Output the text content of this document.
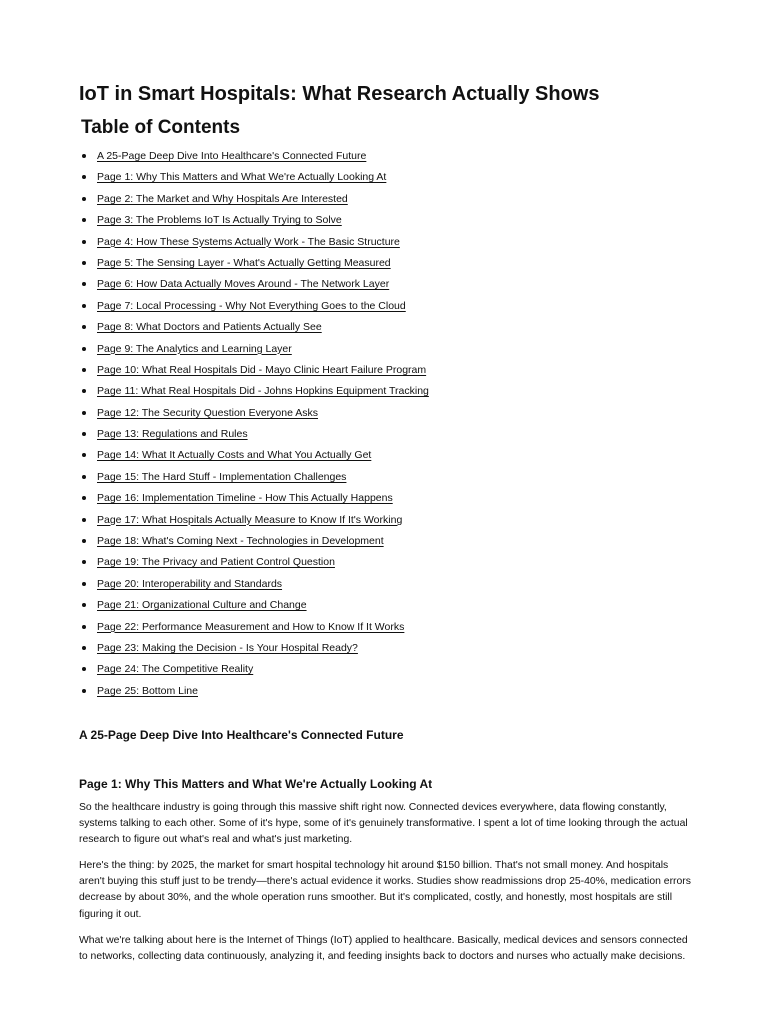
IoT in Smart Hospitals: What Research Actually Shows
Table of Contents
A 25-Page Deep Dive Into Healthcare's Connected Future
Page 1: Why This Matters and What We're Actually Looking At
Page 2: The Market and Why Hospitals Are Interested
Page 3: The Problems IoT Is Actually Trying to Solve
Page 4: How These Systems Actually Work - The Basic Structure
Page 5: The Sensing Layer - What's Actually Getting Measured
Page 6: How Data Actually Moves Around - The Network Layer
Page 7: Local Processing - Why Not Everything Goes to the Cloud
Page 8: What Doctors and Patients Actually See
Page 9: The Analytics and Learning Layer
Page 10: What Real Hospitals Did - Mayo Clinic Heart Failure Program
Page 11: What Real Hospitals Did - Johns Hopkins Equipment Tracking
Page 12: The Security Question Everyone Asks
Page 13: Regulations and Rules
Page 14: What It Actually Costs and What You Actually Get
Page 15: The Hard Stuff - Implementation Challenges
Page 16: Implementation Timeline - How This Actually Happens
Page 17: What Hospitals Actually Measure to Know If It's Working
Page 18: What's Coming Next - Technologies in Development
Page 19: The Privacy and Patient Control Question
Page 20: Interoperability and Standards
Page 21: Organizational Culture and Change
Page 22: Performance Measurement and How to Know If It Works
Page 23: Making the Decision - Is Your Hospital Ready?
Page 24: The Competitive Reality
Page 25: Bottom Line
A 25-Page Deep Dive Into Healthcare's Connected Future
Page 1: Why This Matters and What We're Actually Looking At

So the healthcare industry is going through this massive shift right now. Connected devices everywhere, data flowing constantly, systems talking to each other. Some of it's hype, some of it's genuinely transformative. I spent a lot of time looking through the actual research to figure out what's real and what's just marketing.

Here's the thing: by 2025, the market for smart hospital technology hit around $150 billion. That's not small money. And hospitals aren't buying this stuff just to be trendy—there's actual evidence it works. Studies show readmissions drop 25-40%, medication errors decrease by about 30%, and the whole operation runs smoother. But it's complicated, costly, and honestly, most hospitals are still figuring it out.

What we're talking about here is the Internet of Things (IoT) applied to healthcare. Basically, medical devices and sensors connected to networks, collecting data continuously, analyzing it, and feeding insights back to doctors and nurses who actually make decisions.
